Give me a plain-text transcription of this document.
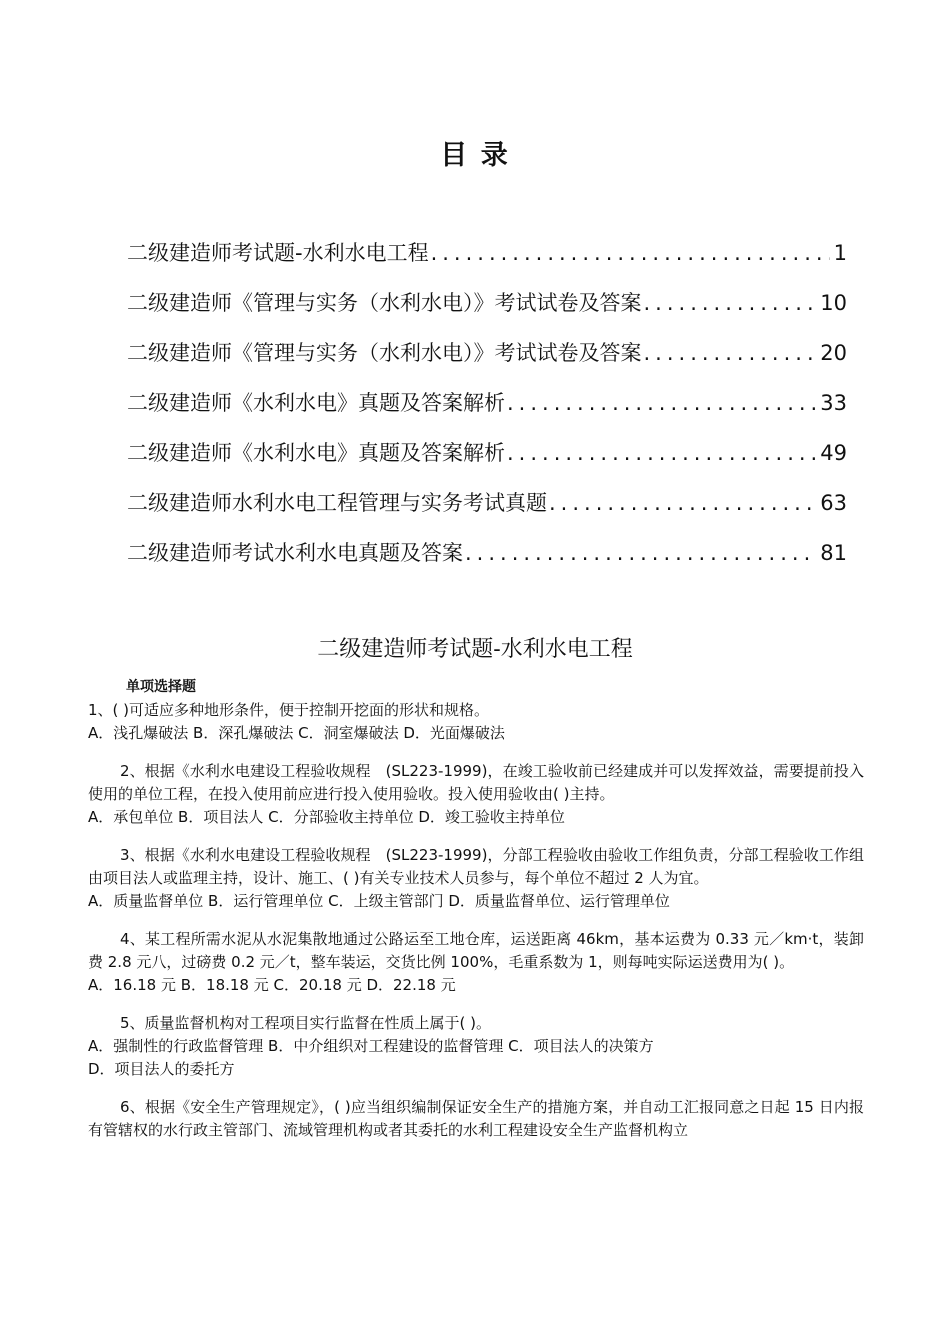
目 录
二级建造师考试题-水利水电工程 .....	1
二级建造师《管理与实务（水利水电）》考试试卷及答案 .....	10
二级建造师《管理与实务（水利水电）》考试试卷及答案 .....	20
二级建造师《水利水电》真题及答案解析 .....	33
二级建造师《水利水电》真题及答案解析 .....	49
二级建造师水利水电工程管理与实务考试真题 .....	63
二级建造师考试水利水电真题及答案 .....	81
二级建造师考试题-水利水电工程
单项选择题

1、( )可适应多种地形条件，便于控制开挖面的形状和规格。

A．浅孔爆破法 B．深孔爆破法 C．洞室爆破法 D．光面爆破法

2、根据《水利水电建设工程验收规程　(SL223-1999)，在竣工验收前已经建成并可以发挥效益，需要提前投入使用的单位工程，在投入使用前应进行投入使用验收。投入使用验收由( )主持。

A．承包单位 B．项目法人 C．分部验收主持单位 D．竣工验收主持单位

3、根据《水利水电建设工程验收规程　(SL223-1999)，分部工程验收由验收工作组负责，分部工程验收工作组由项目法人或监理主持，设计、施工、( )有关专业技术人员参与，每个单位不超过 2 人为宜。

A．质量监督单位 B．运行管理单位 C．上级主管部门 D．质量监督单位、运行管理单位

4、某工程所需水泥从水泥集散地通过公路运至工地仓库，运送距离 46km，基本运费为 0.33 元／km·t，装卸费 2.8 元八，过磅费 0.2 元／t，整车装运，交货比例 100%，毛重系数为 1，则每吨实际运送费用为( )。

A．16.18 元 B．18.18 元 C．20.18 元 D．22.18 元

5、质量监督机构对工程项目实行监督在性质上属于( )。

A．强制性的行政监督管理 B．中介组织对工程建设的监督管理 C．项目法人的决策方

D．项目法人的委托方

6、根据《安全生产管理规定》，( )应当组织编制保证安全生产的措施方案，并自动工汇报同意之日起 15 日内报有管辖权的水行政主管部门、流域管理机构或者其委托的水利工程建设安全生产监督机构立
